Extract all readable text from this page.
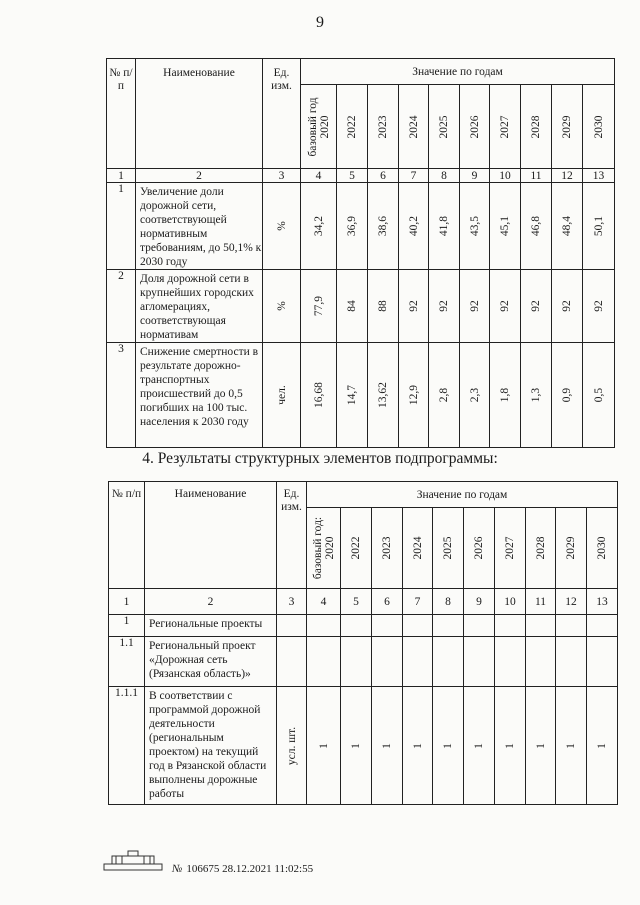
9
№ п/п	Наименование	Ед. изм.	Значение по годам									

			базовый год 2020	2022	2023	2024	2025	2026	2027	2028	2029	2030

1	2	3	4	5	6	7	8	9	10	11	12	13
1	Увеличение доли дорожной сети, соответствующей нормативным требованиям, до 50,1% к 2030 году	%	34,2	36,9	38,6	40,2	41,8	43,5	45,1	46,8	48,4	50,1

2	Доля дорожной сети в крупнейших городских агломерациях, соответствующая нормативам	%	77,9	84	88	92	92	92	92	92	92	92

3	Снижение смертности в результате дорожно-транспортных происшествий до 0,5 погибших на 100 тыс. населения к 2030 году	чел.	16,68	14,7	13,62	12,9	2,8	2,3	1,8	1,3	0,9	0,5
4. Результаты структурных элементов подпрограммы:
№ п/п	Наименование	Ед. изм.	Значение по годам									

			базовый год: 2020	2022	2023	2024	2025	2026	2027	2028	2029	2030

1	2	3	4	5	6	7	8	9	10	11	12	13
1	Региональные проекты	

1.1	Региональный проект «Дорожная сеть (Рязанская область)»	

1.1.1	В соответствии с программой дорожной деятельности (региональным проектом) на текущий год в Рязанской области выполнены дорожные работы	усл. шт.	1	1	1	1	1	1	1	1	1	1
№ 106675 28.12.2021 11:02:55
